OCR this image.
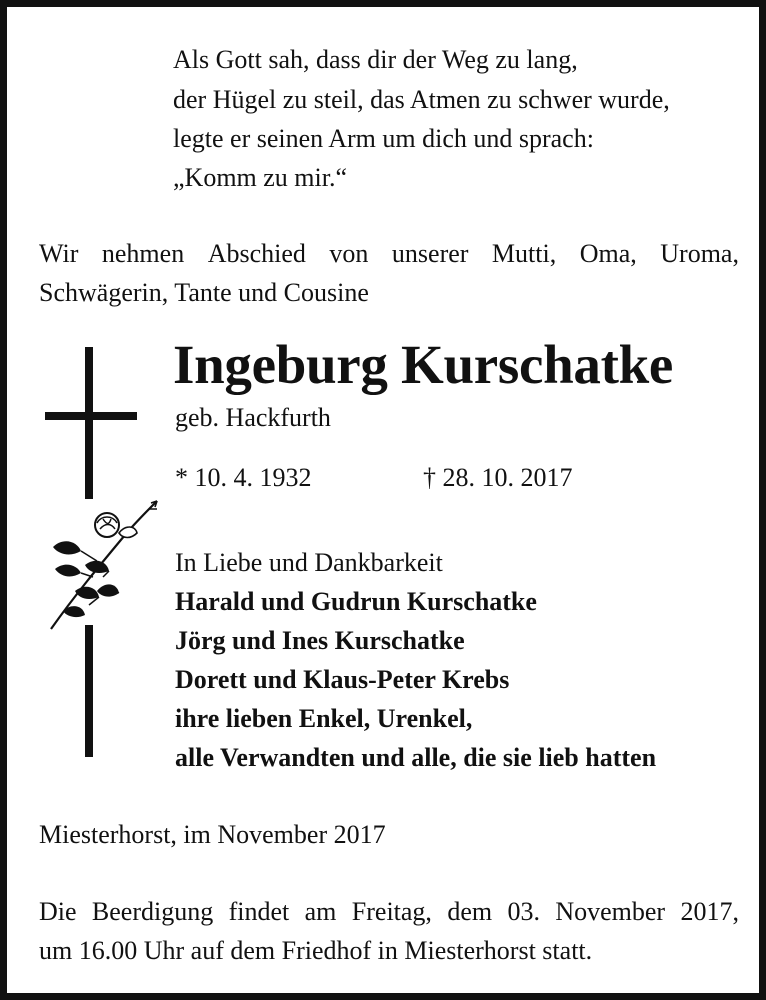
Als Gott sah, dass dir der Weg zu lang,
der Hügel zu steil, das Atmen zu schwer wurde,
legte er seinen Arm um dich und sprach:
„Komm zu mir.“
Wir nehmen Abschied von unserer Mutti, Oma, Uroma,
Schwägerin, Tante und Cousine
Ingeburg Kurschatke
geb. Hackfurth
* 10. 4. 1932	† 28. 10. 2017
In Liebe und Dankbarkeit
Harald und Gudrun Kurschatke
Jörg und Ines Kurschatke
Dorett und Klaus-Peter Krebs
ihre lieben Enkel, Urenkel,
alle Verwandten und alle, die sie lieb hatten
Miesterhorst, im November 2017
Die Beerdigung findet am Freitag, dem 03. November 2017,
um 16.00 Uhr auf dem Friedhof in Miesterhorst statt.
